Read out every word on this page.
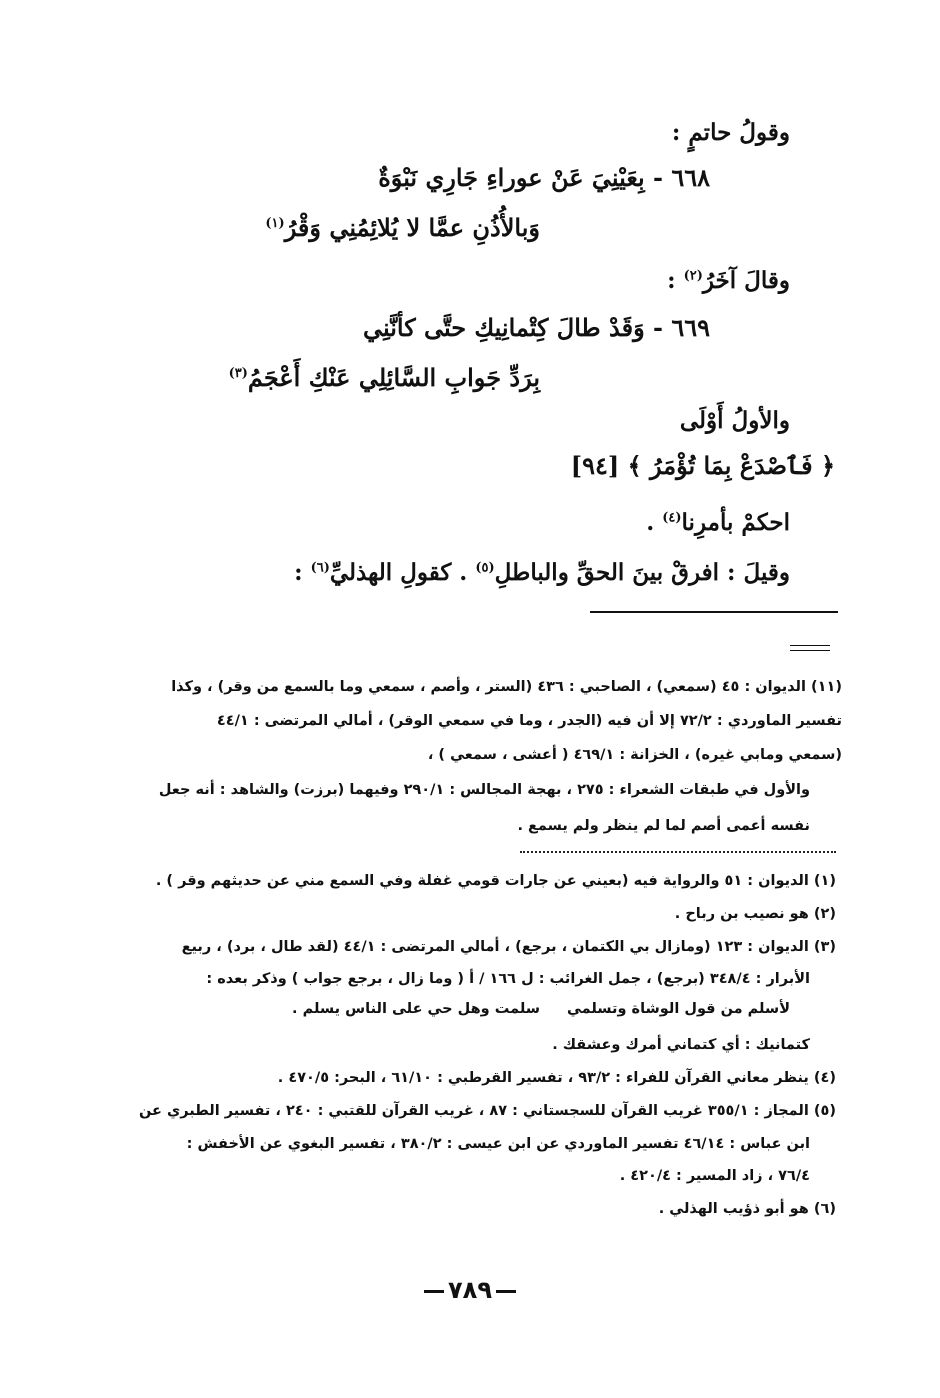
وقولُ حاتمٍ :
٦٦٨ - بِعَيْنِيَ عَنْ عوراءِ جَارِي نَبْوَةٌ
وَبالأُذُنِ عمَّا لا يُلائِمُنِي وَقْرُ$^{(١)}$
وقالَ آخَرُ$^{(٢)}$ :
٦٦٩ - وَقَدْ طالَ كِتْمانِيكِ حتَّى كأنَّنِي
بِرَدِّ جَوابِ السَّائِلِي عَنْكِ أَعْجَمُ$^{(٣)}$
والأولُ أَوْلَى
﴿ فَٱصْدَعْ بِمَا تُؤْمَرُ ﴾ [٩٤]
احكمْ بأمرِنا$^{(٤)}$ .
وقيلَ : افرقْ بينَ الحقِّ والباطلِ$^{(٥)}$ . كقولِ الهذليِّ$^{(٦)}$ :
(١١) الديوان : ٤٥ (سمعي) ، الصاحبي : ٤٣٦ (الستر ، وأصم ، سمعي وما بالسمع من وقر) ، وكذا
تفسير الماوردي : ٧٢/٢ إلا أن فيه (الجدر ، وما في سمعي الوقر) ، أمالي المرتضى : ٤٤/١
(سمعي ومابي غيره) ، الخزانة : ٤٦٩/١ ( أعشى ، سمعي ) ،
والأول في طبقات الشعراء : ٢٧٥ ، بهجة المجالس : ٢٩٠/١ وفيهما (برزت) والشاهد : أنه جعل
نفسه أعمى أصم لما لم ينظر ولم يسمع .
(١) الديوان : ٥١ والرواية فيه (بعيني عن جارات قومي غفلة وفي السمع مني عن حديثهم وقر ) .
(٢) هو نصيب بن رباح .
(٣) الديوان : ١٢٣ (ومازال بي الكتمان ، برجع) ، أمالي المرتضى : ٤٤/١ (لقد طال ، برد) ، ربيع
الأبرار : ٣٤٨/٤ (برجع) ، جمل الغرائب : ل ١٦٦ / أ ( وما زال ، برجع جواب ) وذكر بعده :
لأسلم من قول الوشاة وتسلمي
سلمت وهل حي على الناس يسلم .
كتمانيك : أي كتماني أمرك وعشقك .
(٤) ينظر معاني القرآن للفراء : ٩٣/٢ ، تفسير القرطبي : ٦١/١٠ ، البحر: ٤٧٠/٥ .
(٥) المجاز : ٣٥٥/١ غريب القرآن للسجستاني : ٨٧ ، غريب القرآن للقتبي : ٢٤٠ ، تفسير الطبري عن
ابن عباس : ٤٦/١٤ تفسير الماوردي عن ابن عيسى : ٣٨٠/٢ ، تفسير البغوي عن الأخفش :
٧٦/٤ ، زاد المسير : ٤٢٠/٤ .
(٦) هو أبو ذؤيب الهذلي .
٧٨٩
